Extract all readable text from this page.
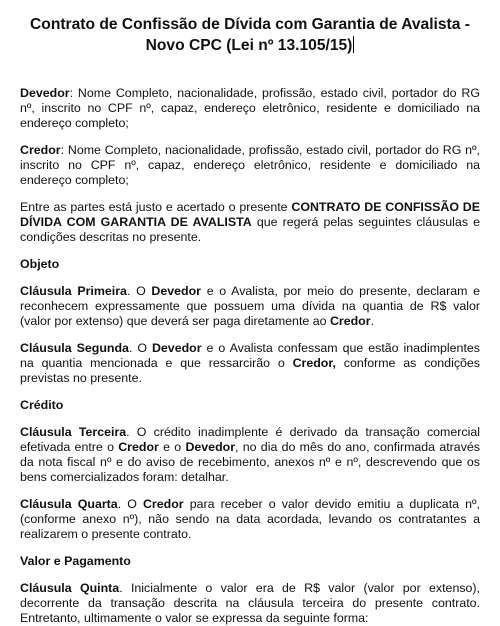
Contrato de Confissão de Dívida com Garantia de Avalista - Novo CPC (Lei nº 13.105/15)

Devedor: Nome Completo, nacionalidade, profissão, estado civil, portador do RG nº, inscrito no CPF nº, capaz, endereço eletrônico, residente e domiciliado na endereço completo;

Credor: Nome Completo, nacionalidade, profissão, estado civil, portador do RG nº, inscrito no CPF nº, capaz, endereço eletrônico, residente e domiciliado na endereço completo;

Entre as partes está justo e acertado o presente CONTRATO DE CONFISSÃO DE DÍVIDA COM GARANTIA DE AVALISTA que regerá pelas seguintes cláusulas e condições descritas no presente.

Objeto

Cláusula Primeira. O Devedor e o Avalista, por meio do presente, declaram e reconhecem expressamente que possuem uma dívida na quantia de R$ valor (valor por extenso) que deverá ser paga diretamente ao Credor.

Cláusula Segunda. O Devedor e o Avalista confessam que estão inadimplentes na quantia mencionada e que ressarcirão o Credor, conforme as condições previstas no presente.

Crédito

Cláusula Terceira. O crédito inadimplente é derivado da transação comercial efetivada entre o Credor e o Devedor, no dia do mês do ano, confirmada através da nota fiscal nº e do aviso de recebimento, anexos nº e nº, descrevendo que os bens comercializados foram: detalhar.

Cláusula Quarta. O Credor para receber o valor devido emitiu a duplicata nº, (conforme anexo nº), não sendo na data acordada, levando os contratantes a realizarem o presente contrato.

Valor e Pagamento

Cláusula Quinta. Inicialmente o valor era de R$ valor (valor por extenso), decorrente da transação descrita na cláusula terceira do presente contrato. Entretanto, ultimamente o valor se expressa da seguinte forma:
